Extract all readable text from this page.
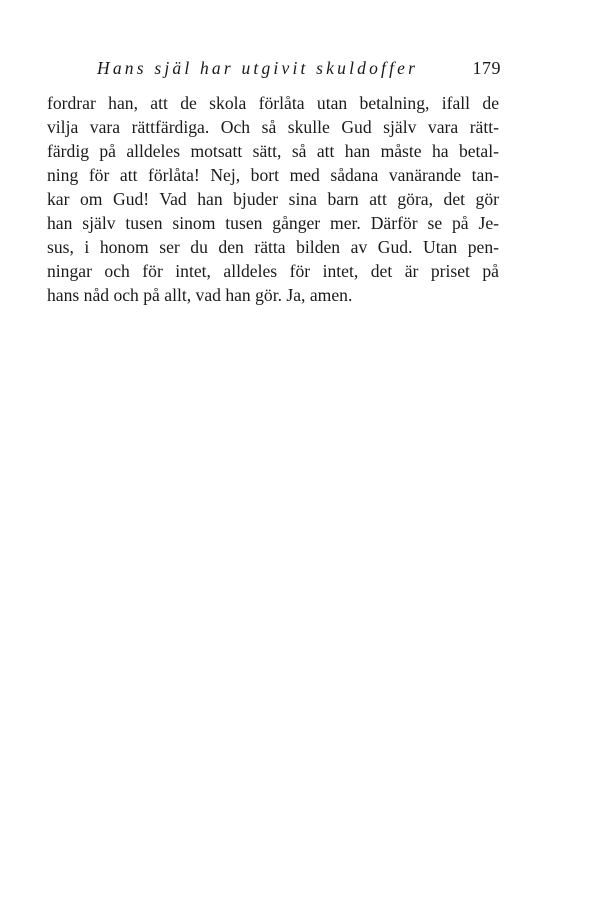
Hans själ har utgivit skuldoffer	179
fordrar han, att de skola förlåta utan betalning, ifall de
vilja vara rättfärdiga. Och så skulle Gud själv vara rätt-
färdig på alldeles motsatt sätt, så att han måste ha betal-
ning för att förlåta! Nej, bort med sådana vanärande tan-
kar om Gud! Vad han bjuder sina barn att göra, det gör
han själv tusen sinom tusen gånger mer. Därför se på Je-
sus, i honom ser du den rätta bilden av Gud. Utan pen-
ningar och för intet, alldeles för intet, det är priset på
hans nåd och på allt, vad han gör. Ja, amen.
